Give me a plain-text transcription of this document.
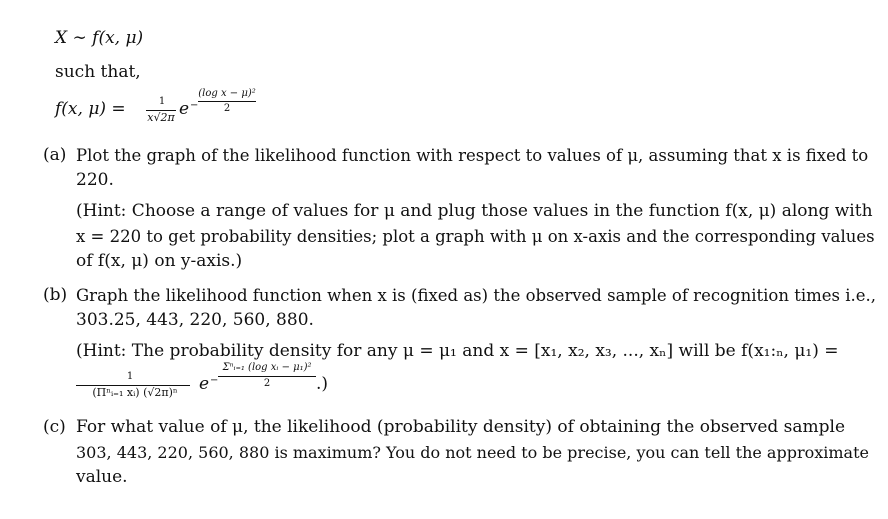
X ∼ f(x, μ)
such that,
f(x, μ) =	1
x√2π e −
(log x − μ)²
2
(a) Plot the graph of the likelihood function with respect to values of μ, assuming that x is fixed to
220.
(Hint: Choose a range of values for μ and plug those values in the function f(x, μ) along with
x = 220 to get probability densities; plot a graph with μ on x-axis and the corresponding values
of f(x, μ) on y-axis.)
(b) Graph the likelihood function when x is (fixed as) the observed sample of recognition times i.e.,
303.25, 443, 220, 560, 880.
(Hint: The probability density for any μ = μ₁ and x = [x₁, x₂, x₃, ..., xₙ] will be f(x₁:ₙ, μ₁) =
1
(Πⁿᵢ₌₁ xᵢ) (√2π)ⁿ	e −
Σⁿᵢ₌₁ (log xᵢ − μ₁)²
2	.)
(c) For what value of μ, the likelihood (probability density) of obtaining the observed sample
303, 443, 220, 560, 880 is maximum? You do not need to be precise, you can tell the approximate
value.
